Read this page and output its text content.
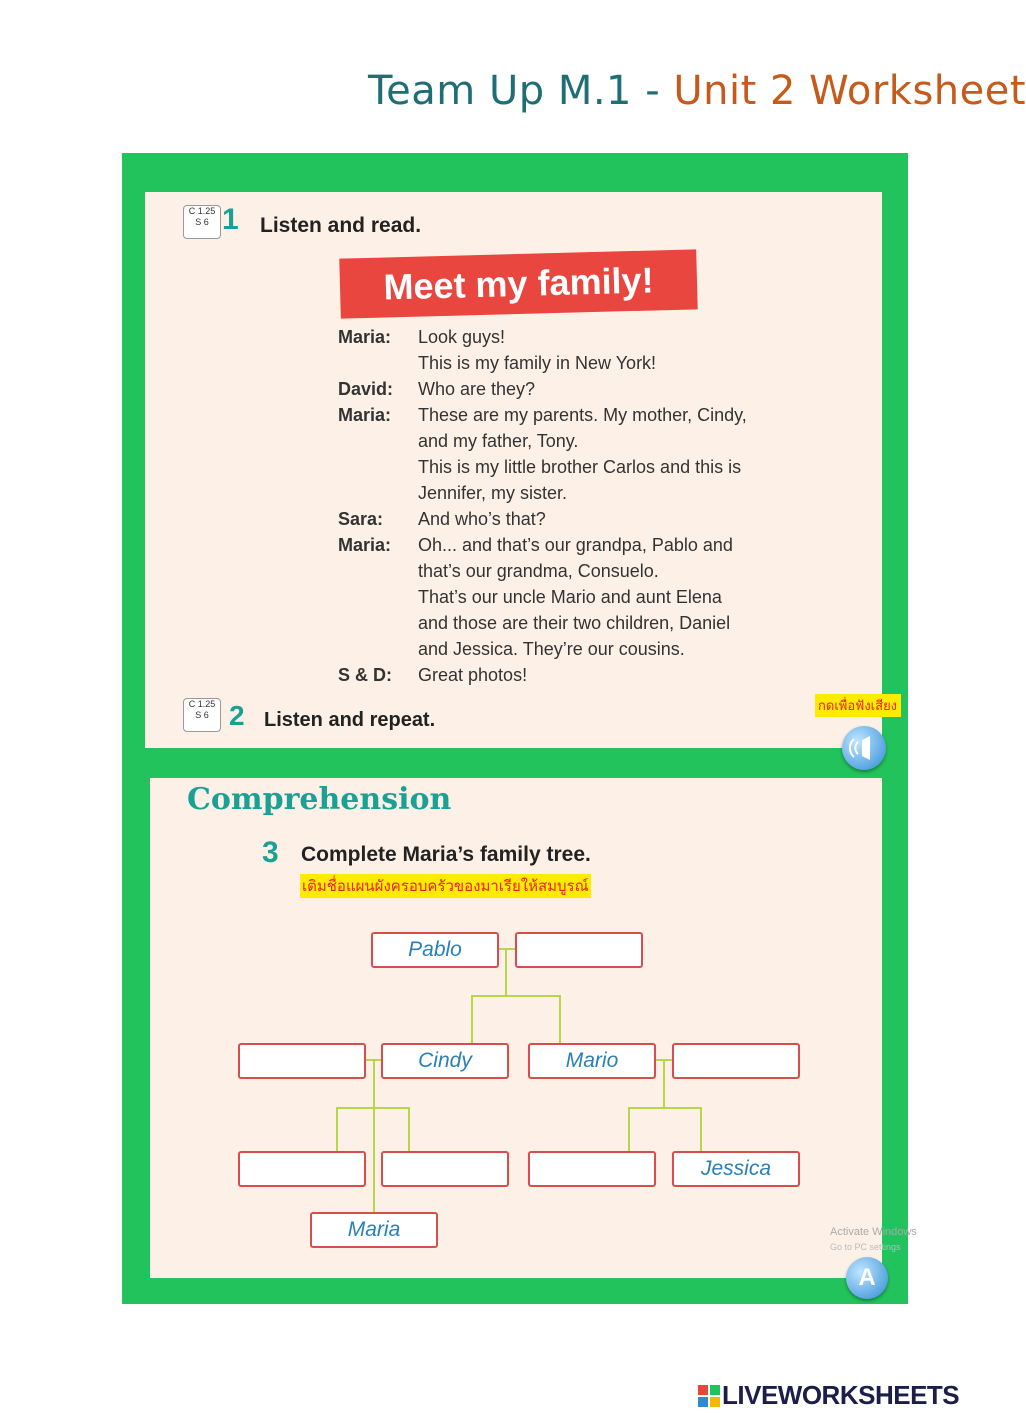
Team Up M.1 - Unit 2 Worksheet
C 1.25
S 6 1 Listen and read.
Meet my family!
Maria: Look guys!
This is my family in New York!
David: Who are they?
Maria: These are my parents. My mother, Cindy,
and my father, Tony.
This is my little brother Carlos and this is
Jennifer, my sister.
Sara: And who’s that?
Maria: Oh... and that’s our grandpa, Pablo and
that’s our grandma, Consuelo.
That’s our uncle Mario and aunt Elena
and those are their two children, Daniel
and Jessica. They’re our cousins.
S & D: Great photos!
C 1.25
S 6 2 Listen and repeat.
กดเพื่อฟังเสียง
Comprehension
3 Complete Maria’s family tree.
เติมชื่อแผนผังครอบครัวของมาเรียให้สมบูรณ์
Pablo
Cindy	Mario
Jessica
Maria	Activate Windows
Go to PC settings
A
LIVEWORKSHEETS
